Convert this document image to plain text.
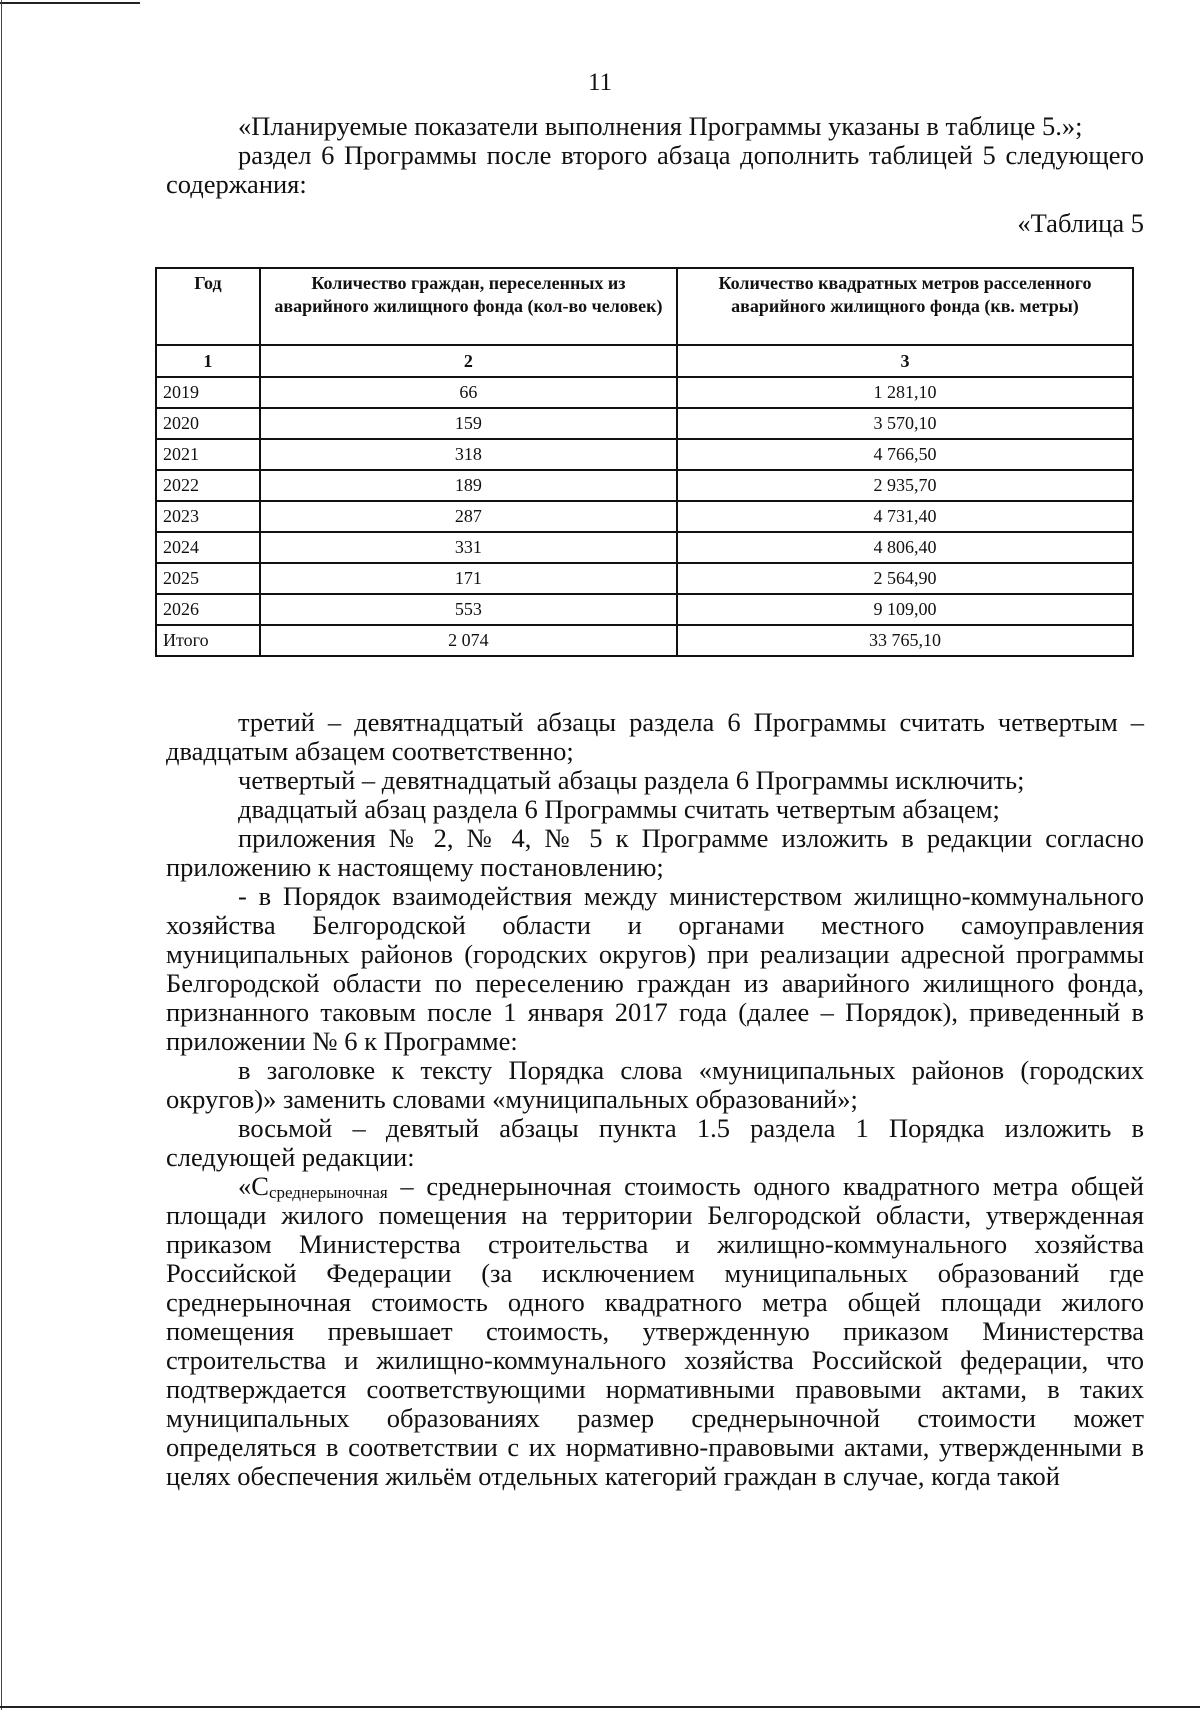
11

«Планируемые показатели выполнения Программы указаны в таблице 5.»;

раздел 6 Программы после второго абзаца дополнить таблицей 5 следующего содержания:

«Таблица 5
Год	Количество граждан, переселенных из аварийного жилищного фонда (кол-во человек)	Количество квадратных метров расселенного аварийного жилищного фонда (кв. метры)
1	2	3
2019	66	1 281,10
2020	159	3 570,10
2021	318	4 766,50
2022	189	2 935,70
2023	287	4 731,40
2024	331	4 806,40
2025	171	2 564,90
2026	553	9 109,00
Итого	2 074	33 765,10

третий – девятнадцатый абзацы раздела 6 Программы считать четвертым – двадцатым абзацем соответственно;

четвертый – девятнадцатый абзацы раздела 6 Программы исключить;

двадцатый абзац раздела 6 Программы считать четвертым абзацем;

приложения № 2, № 4, № 5 к Программе изложить в редакции согласно приложению к настоящему постановлению;

- в Порядок взаимодействия между министерством жилищно-коммунального хозяйства Белгородской области и органами местного самоуправления муниципальных районов (городских округов) при реализации адресной программы Белгородской области по переселению граждан из аварийного жилищного фонда, признанного таковым после 1 января 2017 года (далее – Порядок), приведенный в приложении № 6 к Программе:

в заголовке к тексту Порядка слова «муниципальных районов (городских округов)» заменить словами «муниципальных образований»;

восьмой – девятый абзацы пункта 1.5 раздела 1 Порядка изложить в следующей редакции:

«$С_{среднерыночная}$ – среднерыночная стоимость одного квадратного метра общей площади жилого помещения на территории Белгородской области, утвержденная приказом Министерства строительства и жилищно-коммунального хозяйства Российской Федерации (за исключением муниципальных образований где среднерыночная стоимость одного квадратного метра общей площади жилого помещения превышает стоимость, утвержденную приказом Министерства строительства и жилищно-коммунального хозяйства Российской федерации, что подтверждается соответствующими нормативными правовыми актами, в таких муниципальных образованиях размер среднерыночной стоимости может определяться в соответствии с их нормативно-правовыми актами, утвержденными в целях обеспечения жильём отдельных категорий граждан в случае, когда такой
